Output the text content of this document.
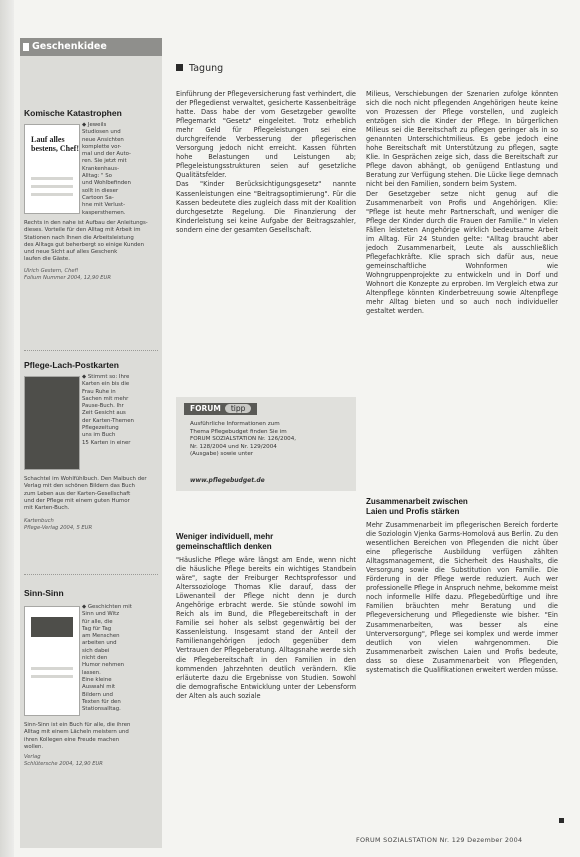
Geschenkidee
Komische Katastrophen
Lauf alles bestens, Chef!
◆ Jeweils
Studiosen und
neue Ansichten
komplette vor-
mal und der Auto-
ren. Sie jetzt mit
Krankenhaus-
Alltag: " So
und Wohlbefinden
sollt in dieser
Cartoon Sa-
hne mit Verlust-
kaspersthemen.
Rechts in den nahe ist Aufbau der Anleitungs-
dieses. Vorteile für den Alltag mit Arbeit im
Stationen nach Ihnen die Arbeitsleistung
des Alltags gut beherbergt so einige Kunden
und neue Sicht auf alles Geschenk
laufen die Gäste.
Ulrich Gestern, Chef!
Folium Nummer 2004, 12,90 EUR
Pflege-Lach-Postkarten
◆ Stimmt so: Ihre
Karten ein bis die
Frau Ruhe in
Sachen mit mehr
Pause-Buch. Ihr
Zeit Gesicht aus
der Karten-Themen
Pflegezeitung
uns im Buch
15 Karten in einer
Schachtel im Wohlfühlbuch. Den Malbuch der
Verlag mit den schönen Bildern das Buch
zum Leben aus der Karten-Gesellschaft
und der Pflege mit einem guten Humor
mit Karten-Buch.
Kartenbuch
Pflege-Verlag 2004, 5 EUR
Sinn-Sinn
◆ Geschichten mit
Sinn und Witz
für alle, die
Tag für Tag
am Menschen
arbeiten und
sich dabei
nicht den
Humor nehmen
lassen.
Eine kleine
Auswahl mit
Bildern und
Texten für den
Stationsalltag.
Sinn-Sinn ist ein Buch für alle, die ihren
Alltag mit einem Lächeln meistern und
ihren Kollegen eine Freude machen
wollen.
Verlag
Schlütersche 2004, 12,90 EUR
Tagung
Einführung der Pflegeversicherung fast verhindert, die der Pflegedienst verwaltet, gesicherte Kassenbeiträge hatte. Dass habe der vom Gesetzgeber gewollte Pflegemarkt "Gesetz" eingeleitet. Trotz erheblich mehr Geld für Pflegeleistungen sei eine durchgreifende Verbesserung der pflegerischen Versorgung jedoch nicht erreicht. Kassen führten hohe Belastungen und Leistungen ab; Pflegeleistungsstrukturen seien auf gesetzliche Qualitätsfelder.
Das "Kinder Berücksichtigungsgesetz" nannte Kassenleistungen eine "Beitragsoptimierung". Für die Kassen bedeutete dies zugleich dass mit der Koalition durchgesetzte Regelung. Die Finanzierung der Kinderleistung sei keine Aufgabe der Beitragszahler, sondern eine der gesamten Gesellschaft.
FORUM tipp
Ausführliche Informationen zum
Thema Pflegebudget finden Sie im
FORUM SOZIALSTATION Nr. 126/2004,
Nr. 128/2004 und Nr. 129/2004
(Ausgabe) sowie unter
www.pflegebudget.de
Weniger individuell, mehr
gemeinschaftlich denken
"Häusliche Pflege wäre längst am Ende, wenn nicht die häusliche Pflege bereits ein wichtiges Standbein wäre", sagte der Freiburger Rechtsprofessor und Alterssoziologe Thomas Klie darauf, dass der Löwenanteil der Pflege nicht denn je durch Angehörige erbracht werde. Sie stünde sowohl im Reich als im Bund, die Pflegebereitschaft in der Familie sei hoher als selbst gegenwärtig bei der Kassenleistung. Insgesamt stand der Anteil der Familienangehörigen jedoch gegenüber dem Vertrauen der Pflegeberatung. Alltagsnahe werde sich die Pflegebereitschaft in den Familien in den kommenden Jahrzehnten deutlich verändern. Klie erläuterte dazu die Ergebnisse von Studien. Sowohl die demografische Entwicklung unter der Lebensform der Alten als auch soziale
Milieus, Verschiebungen der Szenarien zufolge könnten sich die noch nicht pflegenden Angehörigen heute keine von Prozessen der Pflege vorstellen, und zugleich entzögen sich die Kinder der Pflege. In bürgerlichen Milieus sei die Bereitschaft zu pflegen geringer als in so genannten Unterschichtmilieus. Es gebe jedoch eine hohe Bereitschaft mit Unterstützung zu pflegen, sagte Klie. In Gesprächen zeige sich, dass die Bereitschaft zur Pflege davon abhängt, ob genügend Entlastung und Beratung zur Verfügung stehen. Die Lücke liege demnach nicht bei den Familien, sondern beim System.
Der Gesetzgeber setze nicht genug auf die Zusammenarbeit von Profis und Angehörigen. Klie: "Pflege ist heute mehr Partnerschaft, und weniger die Pflege der Kinder durch die Frauen der Familie." In vielen Fällen leisteten Angehörige wirklich bedeutsame Arbeit im Alltag. Für 24 Stunden gelte: "Alltag braucht aber jedoch Zusammenarbeit, Leute als ausschließlich Pflegefachkräfte. Klie sprach sich dafür aus, neue gemeinschaftliche Wohnformen wie Wohngruppenprojekte zu entwickeln und in Dorf und Wohnort die Konzepte zu erproben. Im Vergleich etwa zur Altenpflege könnten Kinderbetreuung sowie Altenpflege mehr Alltag bieten und so auch noch individueller gestaltet werden.
Zusammenarbeit zwischen
Laien und Profis stärken
Mehr Zusammenarbeit im pflegerischen Bereich forderte die Soziologin Vjenka Garms-Homolová aus Berlin. Zu den wesentlichen Bereichen von Pflegenden die nicht über eine pflegerische Ausbildung verfügen zählten Alltagsmanagement, die Sicherheit des Haushalts, die Versorgung sowie die Substitution von Familie. Die Förderung in der Pflege werde reduziert. Auch wer professionelle Pflege in Anspruch nehme, bekomme meist noch informelle Hilfe dazu. Pflegebedürftige und ihre Familien bräuchten mehr Beratung und die Pflegeversicherung und Pflegedienste wie bisher. "Ein Zusammenarbeiten, was besser als eine Unterversorgung", Pflege sei komplex und werde immer deutlich von vielen wahrgenommen. Die Zusammenarbeit zwischen Laien und Profis bedeute, dass so diese Zusammenarbeit von Pflegenden, systematisch die Qualifikationen erweitert werden müsse.
FORUM SOZIALSTATION Nr. 129 Dezember 2004
